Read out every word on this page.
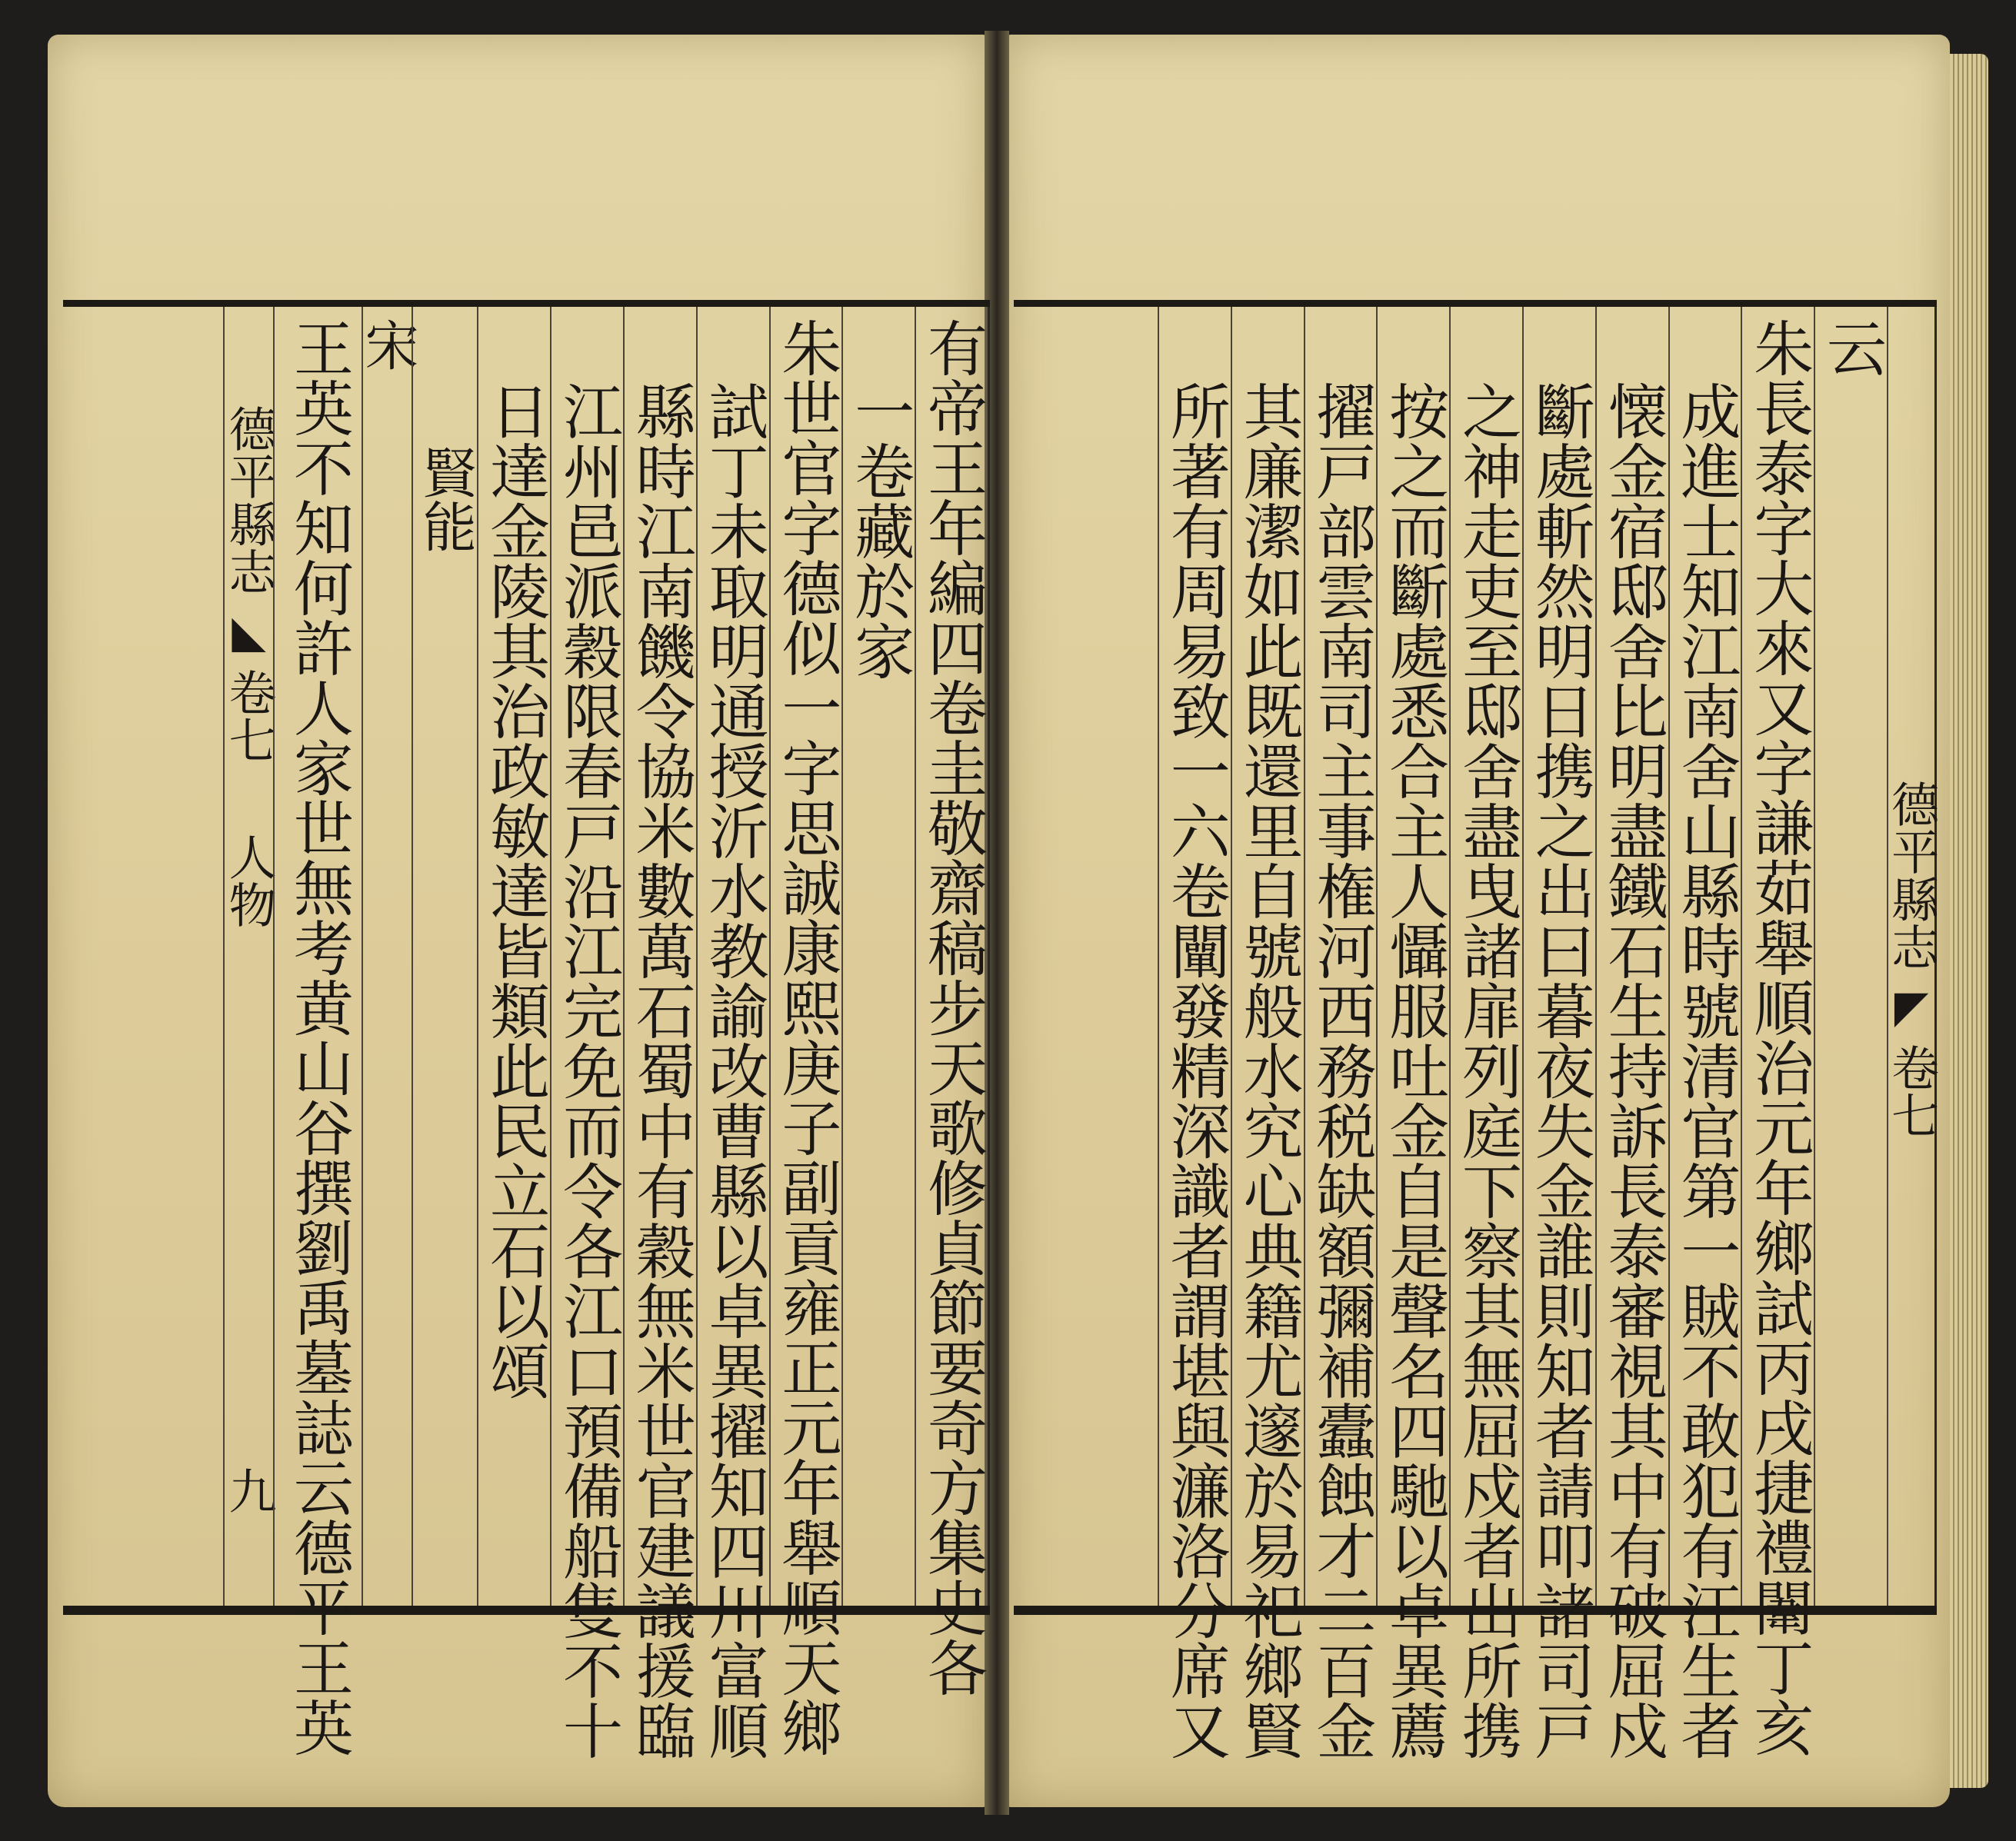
有帝王年編四卷圭敬齋稿步天歌修貞節要奇方集史各
一卷藏於家
朱世官字德似一字思誠康熙庚子副貢雍正元年舉順天鄉
試丁未取明通授沂水教諭改曹縣以卓異擢知四川富順
縣時江南饑令協米數萬石蜀中有穀無米世官建議援臨
江州邑派穀限春戸沿江完免而令各江口預備船隻不十
日達金陵其治政敏達皆類此民立石以頌
賢能
宋
王英不知何許人家世無考黄山谷撰劉禹墓誌云德平王英
德平縣志
◣
卷七
人物
九
德平縣志
◤
卷七
云
朱長泰字大來又字謙茹舉順治元年鄉試丙戌捷禮闈丁亥
成進士知江南舍山縣時號清官第一賊不敢犯有汪生者
懐金宿邸舍比明盡鐵石生持訴長泰審視其中有破屈戍
斷處斬然明日携之出曰暮夜失金誰則知者請叩諸司戸
之神走吏至邸舍盡曳諸扉列庭下察其無屈戍者出所携
按之而斷處悉合主人懾服吐金自是聲名四馳以卓異薦
擢戸部雲南司主事権河西務税缺額彌補蠹蝕才二百金
其廉潔如此既還里自號般水究心典籍尤邃於易祀鄉賢
所著有周易致一六卷闡發精深識者謂堪與濂洛分席又
